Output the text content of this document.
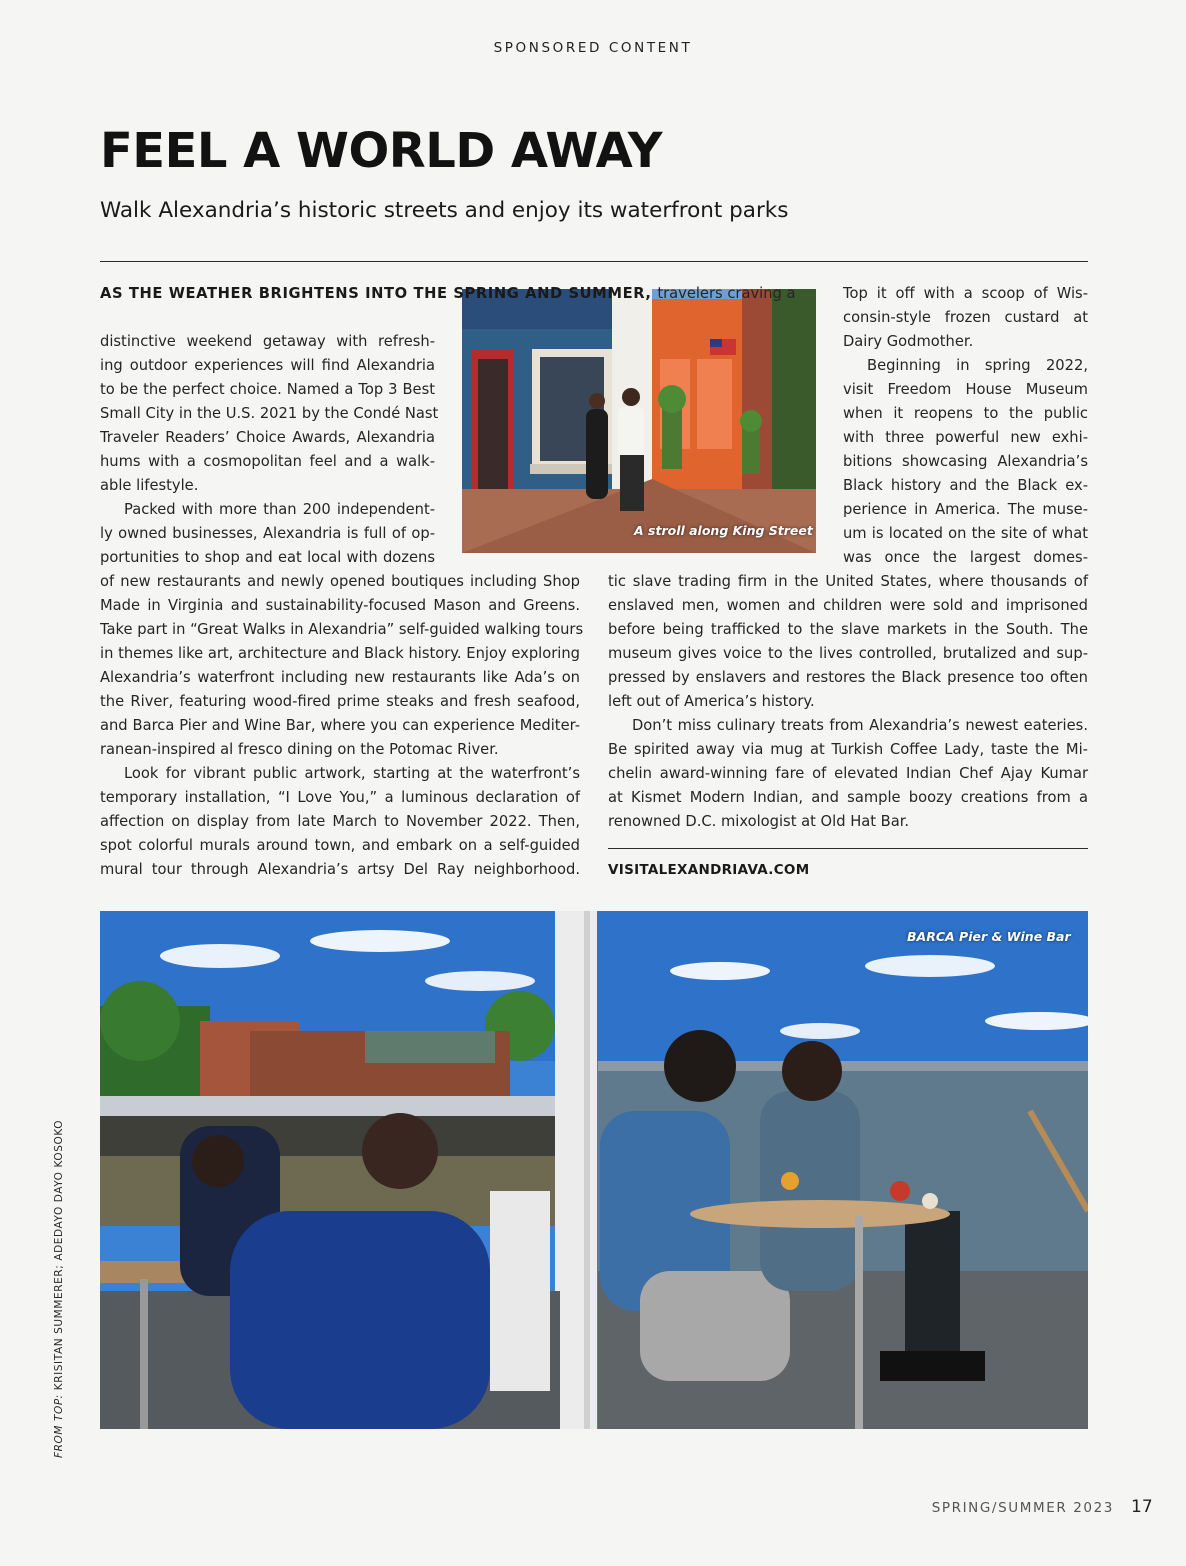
SPONSORED CONTENT
FEEL A WORLD AWAY
Walk Alexandria’s historic streets and enjoy its waterfront parks
A stroll along King Street
AS THE WEATHER BRIGHTENS INTO THE SPRING AND SUMMER, travelers craving a
distinctive weekend getaway with refresh-
ing outdoor experiences will find Alexandria
to be the perfect choice. Named a Top 3 Best
Small City in the U.S. 2021 by the Condé Nast
Traveler Readers’ Choice Awards, Alexandria
hums with a cosmopolitan feel and a walk-
able lifestyle.
Packed with more than 200 independent-
ly owned businesses, Alexandria is full of op-
portunities to shop and eat local with dozens
of new restaurants and newly opened boutiques including Shop
Made in Virginia and sustainability-focused Mason and Greens.
Take part in “Great Walks in Alexandria” self-guided walking tours
in themes like art, architecture and Black history. Enjoy exploring
Alexandria’s waterfront including new restaurants like Ada’s on
the River, featuring wood-fired prime steaks and fresh seafood,
and Barca Pier and Wine Bar, where you can experience Mediter-
ranean-inspired al fresco dining on the Potomac River.
Look for vibrant public artwork, starting at the waterfront’s
temporary installation, “I Love You,” a luminous declaration of
affection on display from late March to November 2022. Then,
spot colorful murals around town, and embark on a self-guided
mural tour through Alexandria’s artsy Del Ray neighborhood.
Top it off with a scoop of Wis-
consin-style frozen custard at
Dairy Godmother.
Beginning in spring 2022,
visit Freedom House Museum
when it reopens to the public
with three powerful new exhi-
bitions showcasing Alexandria’s
Black history and the Black ex-
perience in America. The muse-
um is located on the site of what
was once the largest domes-
tic slave trading firm in the United States, where thousands of
enslaved men, women and children were sold and imprisoned
before being trafficked to the slave markets in the South. The
museum gives voice to the lives controlled, brutalized and sup-
pressed by enslavers and restores the Black presence too often
left out of America’s history.
Don’t miss culinary treats from Alexandria’s newest eateries.
Be spirited away via mug at Turkish Coffee Lady, taste the Mi-
chelin award-winning fare of elevated Indian Chef Ajay Kumar
at Kismet Modern Indian, and sample boozy creations from a
renowned D.C. mixologist at Old Hat Bar.
VISITALEXANDRIAVA.COM
BARCA Pier & Wine Bar
FROM TOP: KRISITAN SUMMERER; ADEDAYO DAYO KOSOKO
SPRING/SUMMER 2023 17
